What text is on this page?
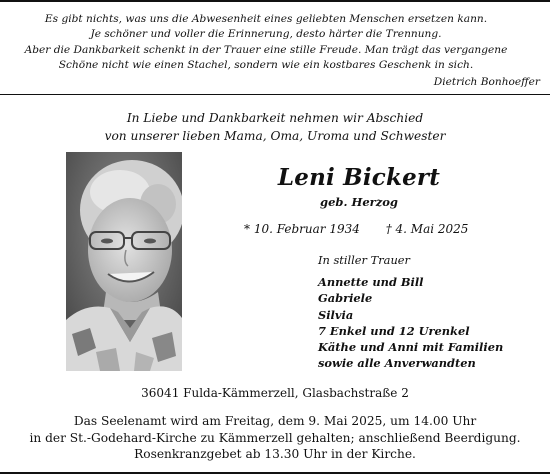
Es gibt nichts, was uns die Abwesenheit eines geliebten Menschen ersetzen kann.
Je schöner und voller die Erinnerung, desto härter die Trennung.
Aber die Dankbarkeit schenkt in der Trauer eine stille Freude. Man trägt das vergangene
Schöne nicht wie einen Stachel, sondern wie ein kostbares Geschenk in sich.
Dietrich Bonhoeffer
In Liebe und Dankbarkeit nehmen wir Abschied
von unserer lieben Mama, Oma, Uroma und Schwester
Leni Bickert
geb. Herzog
* 10. Februar 1934 † 4. Mai 2025
In stiller Trauer
Annette und Bill
Gabriele
Silvia
7 Enkel und 12 Urenkel
Käthe und Anni mit Familien
sowie alle Anverwandten
36041 Fulda-Kämmerzell, Glasbachstraße 2
Das Seelenamt wird am Freitag, dem 9. Mai 2025, um 14.00 Uhr
in der St.-Godehard-Kirche zu Kämmerzell gehalten; anschließend Beerdigung.
Rosenkranzgebet ab 13.30 Uhr in der Kirche.
